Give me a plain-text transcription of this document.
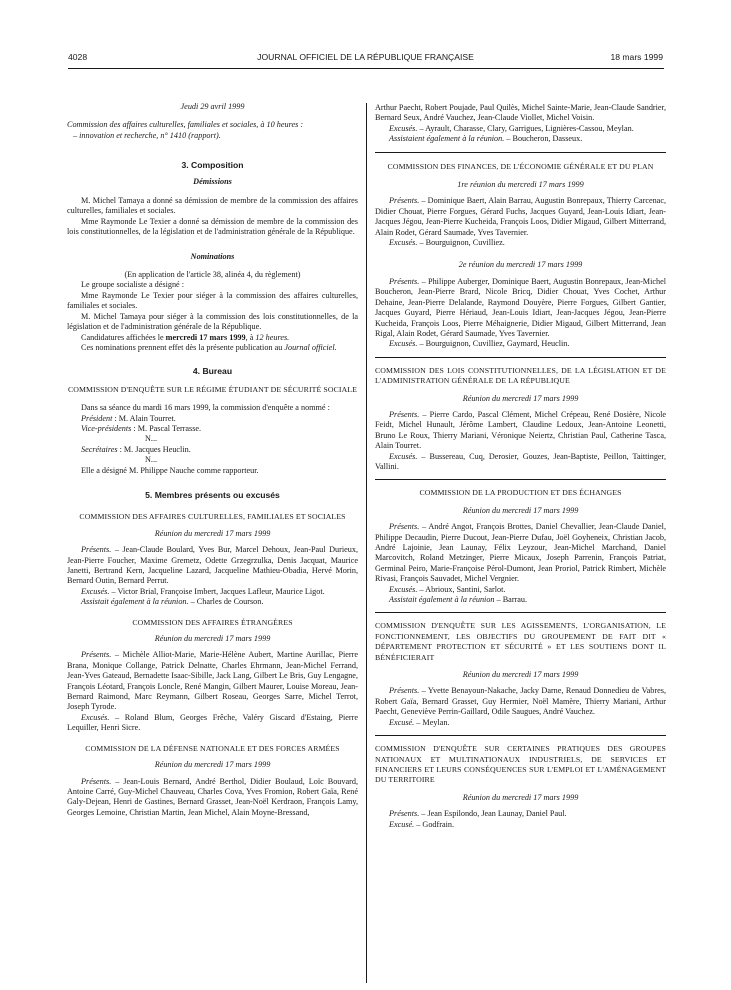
4028	JOURNAL OFFICIEL DE LA RÉPUBLIQUE FRANÇAISE	18 mars 1999

Jeudi 29 avril 1999

Commission des affaires culturelles, familiales et sociales, à 10 heures :

– innovation et recherche, n° 1410 (rapport).

3. Composition

Démissions

M. Michel Tamaya a donné sa démission de membre de la commission des affaires culturelles, familiales et sociales.

Mme Raymonde Le Texier a donné sa démission de membre de la commission des lois constitutionnelles, de la législation et de l'administration générale de la République.

Nominations

(En application de l'article 38, alinéa 4, du règlement)

Le groupe socialiste a désigné :

Mme Raymonde Le Texier pour siéger à la commission des affaires culturelles, familiales et sociales.

M. Michel Tamaya pour siéger à la commission des lois constitutionnelles, de la législation et de l'administration générale de la République.

Candidatures affichées le mercredi 17 mars 1999, à 12 heures.

Ces nominations prennent effet dès la présente publication au Journal officiel.

4. Bureau

COMMISSION D'ENQUÊTE SUR LE RÉGIME ÉTUDIANT DE SÉCURITÉ SOCIALE

Dans sa séance du mardi 16 mars 1999, la commission d'enquête a nommé :

Président : M. Alain Tourret.

Vice-présidents : M. Pascal Terrasse.

N...

Secrétaires : M. Jacques Heuclin.

N...

Elle a désigné M. Philippe Nauche comme rapporteur.

5. Membres présents ou excusés

COMMISSION DES AFFAIRES CULTURELLES, FAMILIALES ET SOCIALES

Réunion du mercredi 17 mars 1999

Présents. – Jean-Claude Boulard, Yves Bur, Marcel Dehoux, Jean-Paul Durieux, Jean-Pierre Foucher, Maxime Gremetz, Odette Grzegrzulka, Denis Jacquat, Maurice Janetti, Bertrand Kern, Jacqueline Lazard, Jacqueline Mathieu-Obadia, Hervé Morin, Bernard Outin, Bernard Perrut.

Excusés. – Victor Brial, Françoise Imbert, Jacques Lafleur, Maurice Ligot.

Assistait également à la réunion. – Charles de Courson.

COMMISSION DES AFFAIRES ÉTRANGÈRES

Réunion du mercredi 17 mars 1999

Présents. – Michèle Alliot-Marie, Marie-Hélène Aubert, Martine Aurillac, Pierre Brana, Monique Collange, Patrick Delnatte, Charles Ehrmann, Jean-Michel Ferrand, Jean-Yves Gateaud, Bernadette Isaac-Sibille, Jack Lang, Gilbert Le Bris, Guy Lengagne, François Léotard, François Loncle, René Mangin, Gilbert Maurer, Louise Moreau, Jean-Bernard Raimond, Marc Reymann, Gilbert Roseau, Georges Sarre, Michel Terrot, Joseph Tyrode.

Excusés. – Roland Blum, Georges Frêche, Valéry Giscard d'Estaing, Pierre Lequiller, Henri Sicre.

COMMISSION DE LA DÉFENSE NATIONALE ET DES FORCES ARMÉES

Réunion du mercredi 17 mars 1999

Présents. – Jean-Louis Bernard, André Berthol, Didier Boulaud, Loïc Bouvard, Antoine Carré, Guy-Michel Chauveau, Charles Cova, Yves Fromion, Robert Gaïa, René Galy-Dejean, Henri de Gastines, Bernard Grasset, Jean-Noël Kerdraon, François Lamy, Georges Lemoine, Christian Martin, Jean Michel, Alain Moyne-Bressand,

Arthur Paecht, Robert Poujade, Paul Quilès, Michel Sainte-Marie, Jean-Claude Sandrier, Bernard Seux, André Vauchez, Jean-Claude Viollet, Michel Voisin.

Excusés. – Ayrault, Charasse, Clary, Garrigues, Lignières-Cassou, Meylan.

Assistaient également à la réunion. – Boucheron, Dasseux.

COMMISSION DES FINANCES, DE L'ÉCONOMIE GÉNÉRALE ET DU PLAN

1re réunion du mercredi 17 mars 1999

Présents. – Dominique Baert, Alain Barrau, Augustin Bonrepaux, Thierry Carcenac, Didier Chouat, Pierre Forgues, Gérard Fuchs, Jacques Guyard, Jean-Louis Idiart, Jean-Jacques Jégou, Jean-Pierre Kucheida, François Loos, Didier Migaud, Gilbert Mitterrand, Alain Rodet, Gérard Saumade, Yves Tavernier.

Excusés. – Bourguignon, Cuvilliez.

2e réunion du mercredi 17 mars 1999

Présents. – Philippe Auberger, Dominique Baert, Augustin Bonrepaux, Jean-Michel Boucheron, Jean-Pierre Brard, Nicole Bricq, Didier Chouat, Yves Cochet, Arthur Dehaine, Jean-Pierre Delalande, Raymond Douyère, Pierre Forgues, Gilbert Gantier, Jacques Guyard, Pierre Hériaud, Jean-Louis Idiart, Jean-Jacques Jégou, Jean-Pierre Kucheida, François Loos, Pierre Méhaignerie, Didier Migaud, Gilbert Mitterrand, Jean Rigal, Alain Rodet, Gérard Saumade, Yves Tavernier.

Excusés. – Bourguignon, Cuvilliez, Gaymard, Heuclin.

COMMISSION DES LOIS CONSTITUTIONNELLES, DE LA LÉGISLATION ET DE L'ADMINISTRATION GÉNÉRALE DE LA RÉPUBLIQUE

Réunion du mercredi 17 mars 1999

Présents. – Pierre Cardo, Pascal Clément, Michel Crépeau, René Dosière, Nicole Feidt, Michel Hunault, Jérôme Lambert, Claudine Ledoux, Jean-Antoine Leonetti, Bruno Le Roux, Thierry Mariani, Véronique Neiertz, Christian Paul, Catherine Tasca, Alain Tourret.

Excusés. – Bussereau, Cuq, Derosier, Gouzes, Jean-Baptiste, Peillon, Taittinger, Vallini.

COMMISSION DE LA PRODUCTION ET DES ÉCHANGES

Réunion du mercredi 17 mars 1999

Présents. – André Angot, François Brottes, Daniel Chevallier, Jean-Claude Daniel, Philippe Decaudin, Pierre Ducout, Jean-Pierre Dufau, Joël Goyheneix, Christian Jacob, André Lajoinie, Jean Launay, Félix Leyzour, Jean-Michel Marchand, Daniel Marcovitch, Roland Metzinger, Pierre Micaux, Joseph Parrenin, François Patriat, Germinal Peiro, Marie-Françoise Pérol-Dumont, Jean Proriol, Patrick Rimbert, Michèle Rivasi, François Sauvadet, Michel Vergnier.

Excusés. – Abrioux, Santini, Sarlot.

Assistait également à la réunion – Barrau.

COMMISSION D'ENQUÊTE SUR LES AGISSEMENTS, L'ORGANISATION, LE FONCTIONNEMENT, LES OBJECTIFS DU GROUPEMENT DE FAIT DIT « DÉPARTEMENT PROTECTION ET SÉCURITÉ » ET LES SOUTIENS DONT IL BÉNÉFICIERAIT

Réunion du mercredi 17 mars 1999

Présents. – Yvette Benayoun-Nakache, Jacky Darne, Renaud Donnedieu de Vabres, Robert Gaïa, Bernard Grasset, Guy Hermier, Noël Mamère, Thierry Mariani, Arthur Paecht, Geneviève Perrin-Gaillard, Odile Saugues, André Vauchez.

Excusé. – Meylan.

COMMISSION D'ENQUÊTE SUR CERTAINES PRATIQUES DES GROUPES NATIONAUX ET MULTINATIONAUX INDUSTRIELS, DE SERVICES ET FINANCIERS ET LEURS CONSÉQUENCES SUR L'EMPLOI ET L'AMÉNAGEMENT DU TERRITOIRE

Réunion du mercredi 17 mars 1999

Présents. – Jean Espilondo, Jean Launay, Daniel Paul.

Excusé. – Godfrain.
